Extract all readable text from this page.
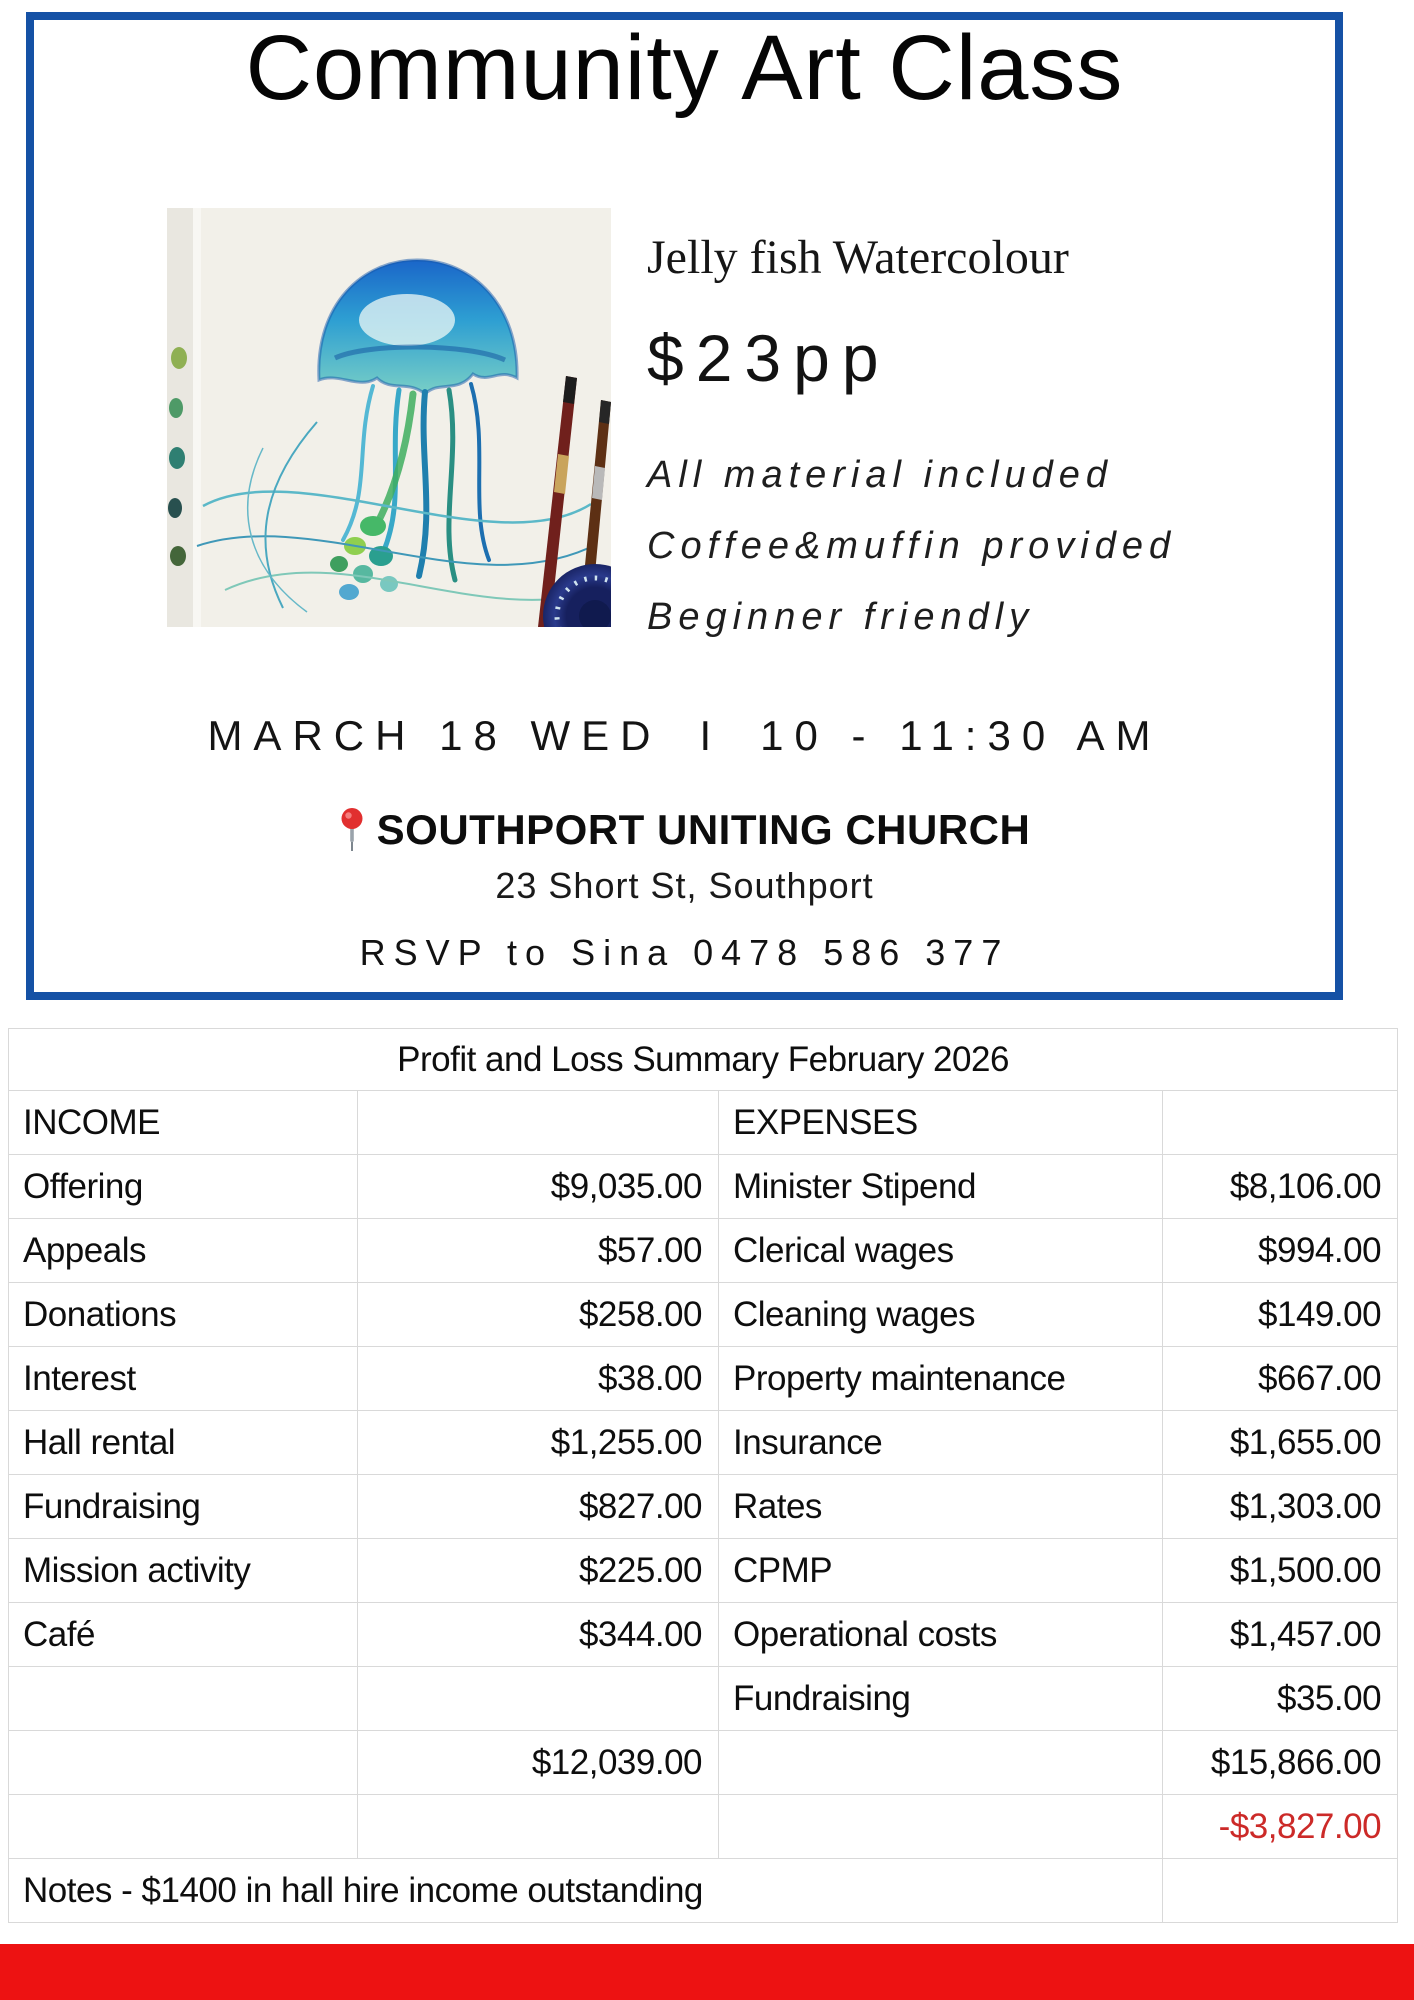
Community Art Class
Jelly fish Watercolour
$23pp
All material included
Coffee&muffin provided
Beginner friendly
MARCH 18 WED I 10 - 11:30 AM
SOUTHPORT UNITING CHURCH
23 Short St, Southport
RSVP to Sina 0478 586 377
Profit and Loss Summary February 2026			
INCOME		EXPENSES	
Offering	$9,035.00	Minister Stipend	$8,106.00
Appeals	$57.00	Clerical wages	$994.00
Donations	$258.00	Cleaning wages	$149.00
Interest	$38.00	Property maintenance	$667.00
Hall rental	$1,255.00	Insurance	$1,655.00
Fundraising	$827.00	Rates	$1,303.00
Mission activity	$225.00	CPMP	$1,500.00
Café	$344.00	Operational costs	$1,457.00
		Fundraising	$35.00
	$12,039.00		$15,866.00
			-$3,827.00
Notes - $1400 in hall hire income outstanding			
